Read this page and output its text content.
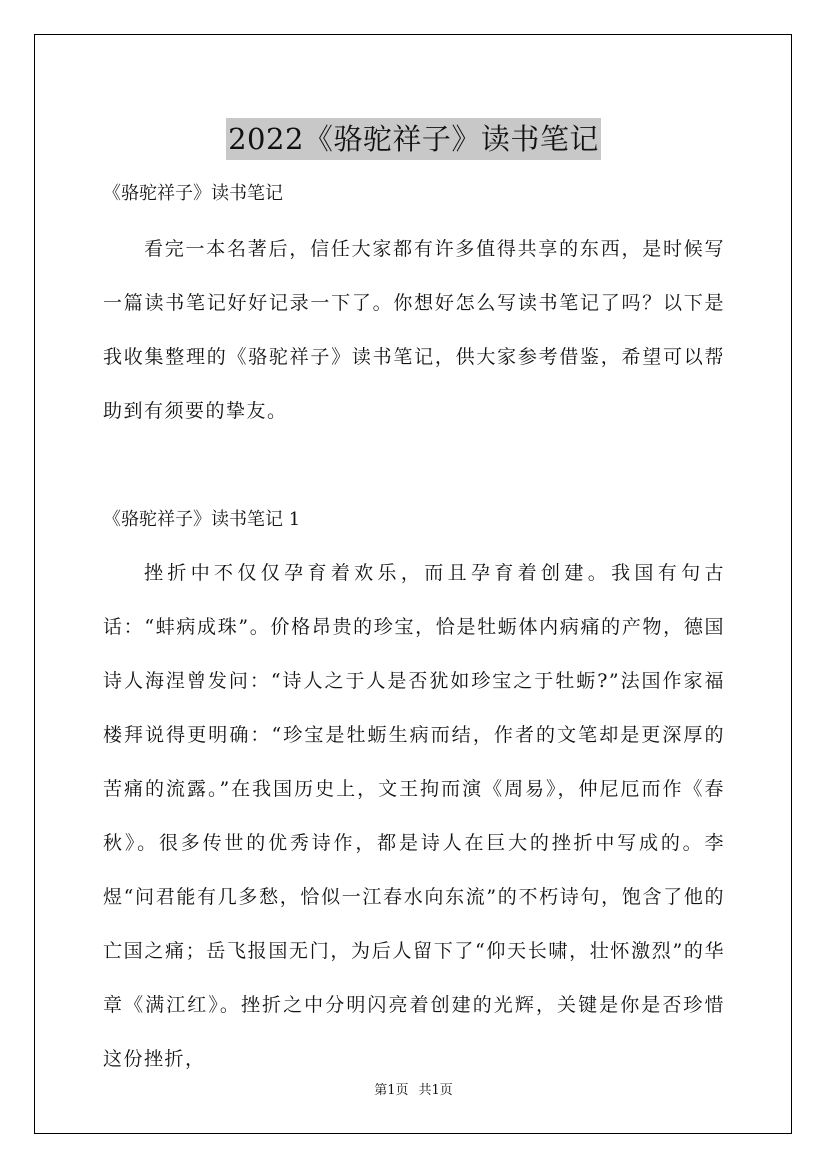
2022《骆驼祥子》读书笔记
《骆驼祥子》读书笔记

看完一本名著后，信任大家都有许多值得共享的东西，是时候写一篇读书笔记好好记录一下了。你想好怎么写读书笔记了吗？以下是我收集整理的《骆驼祥子》读书笔记，供大家参考借鉴，希望可以帮助到有须要的挚友。

《骆驼祥子》读书笔记 1

挫折中不仅仅孕育着欢乐，而且孕育着创建。我国有句古话：“蚌病成珠”。价格昂贵的珍宝，恰是牡蛎体内病痛的产物，德国诗人海涅曾发问：“诗人之于人是否犹如珍宝之于牡蛎?”法国作家福楼拜说得更明确：“珍宝是牡蛎生病而结，作者的文笔却是更深厚的苦痛的流露。”在我国历史上，文王拘而演《周易》，仲尼厄而作《春秋》。很多传世的优秀诗作，都是诗人在巨大的挫折中写成的。李煜“问君能有几多愁，恰似一江春水向东流”的不朽诗句，饱含了他的亡国之痛；岳飞报国无门，为后人留下了“仰天长啸，壮怀激烈”的华章《满江红》。挫折之中分明闪亮着创建的光辉，关键是你是否珍惜这份挫折，

第1页 共1页
